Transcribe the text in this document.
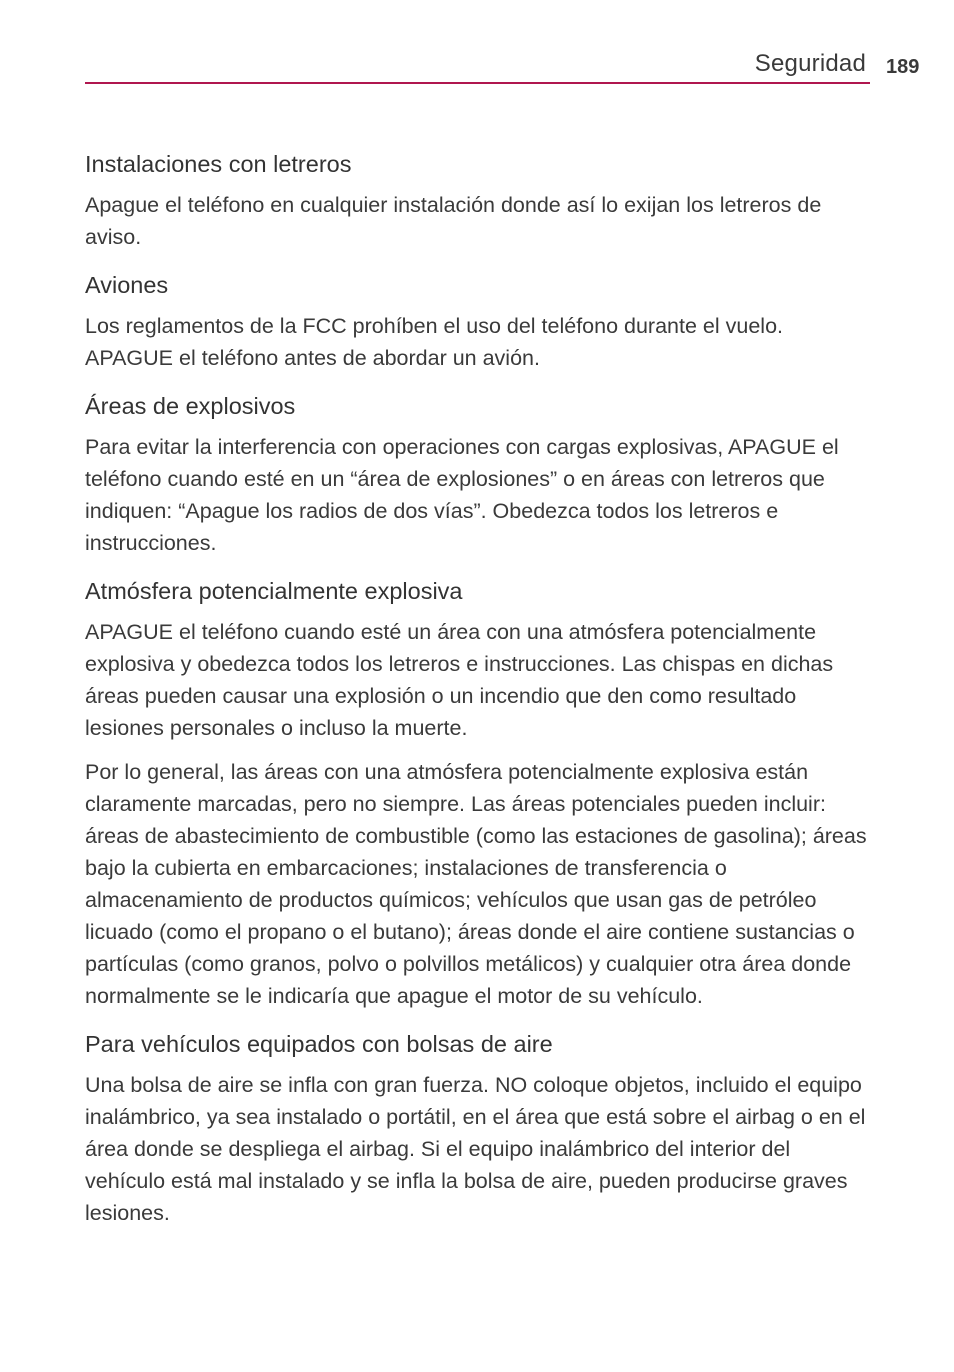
Seguridad 189
Instalaciones con letreros

Apague el teléfono en cualquier instalación donde así lo exijan los letreros de aviso.

Aviones

Los reglamentos de la FCC prohíben el uso del teléfono durante el vuelo. APAGUE el teléfono antes de abordar un avión.

Áreas de explosivos

Para evitar la interferencia con operaciones con cargas explosivas, APAGUE el teléfono cuando esté en un “área de explosiones” o en áreas con letreros que indiquen: “Apague los radios de dos vías”. Obedezca todos los letreros e instrucciones.

Atmósfera potencialmente explosiva

APAGUE el teléfono cuando esté un área con una atmósfera potencialmente explosiva y obedezca todos los letreros e instrucciones. Las chispas en dichas áreas pueden causar una explosión o un incendio que den como resultado lesiones personales o incluso la muerte.

Por lo general, las áreas con una atmósfera potencialmente explosiva están claramente marcadas, pero no siempre. Las áreas potenciales pueden incluir: áreas de abastecimiento de combustible (como las estaciones de gasolina); áreas bajo la cubierta en embarcaciones; instalaciones de transferencia o almacenamiento de productos químicos; vehículos que usan gas de petróleo licuado (como el propano o el butano); áreas donde el aire contiene sustancias o partículas (como granos, polvo o polvillos metálicos) y cualquier otra área donde normalmente se le indicaría que apague el motor de su vehículo.

Para vehículos equipados con bolsas de aire

Una bolsa de aire se infla con gran fuerza. NO coloque objetos, incluido el equipo inalámbrico, ya sea instalado o portátil, en el área que está sobre el airbag o en el área donde se despliega el airbag. Si el equipo inalámbrico del interior del vehículo está mal instalado y se infla la bolsa de aire, pueden producirse graves lesiones.
